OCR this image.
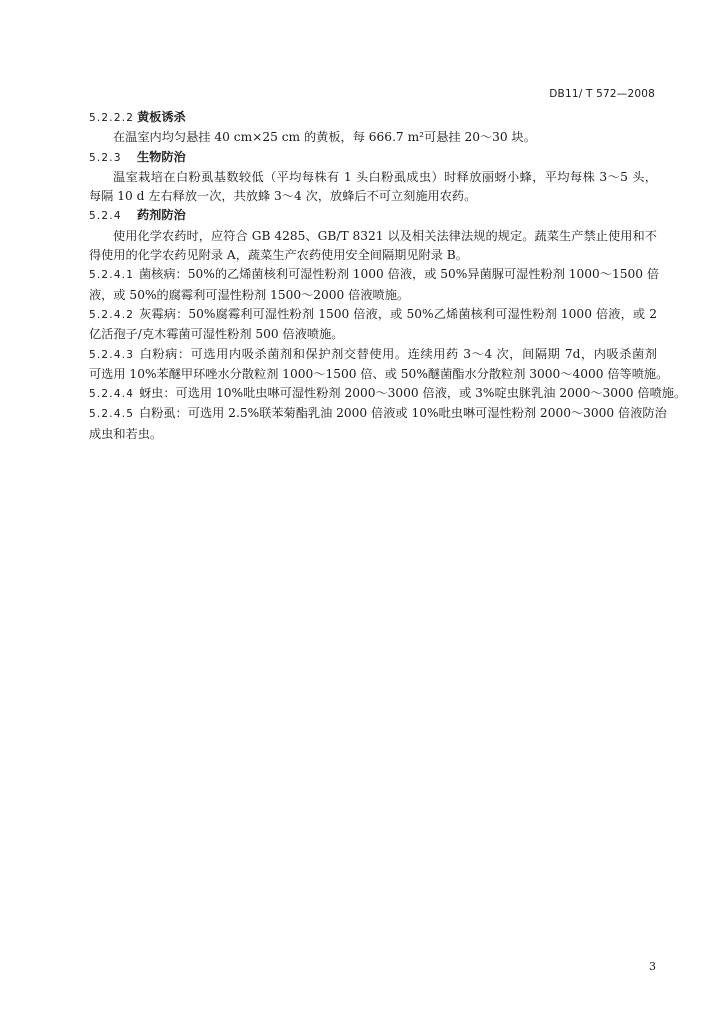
DB11/ T 572—2008
5.2.2.2 黄板诱杀
在温室内均匀悬挂 40 cm×25 cm 的黄板，每 666.7 m²可悬挂 20～30 块。
5.2.3 生物防治
温室栽培在白粉虱基数较低（平均每株有 1 头白粉虱成虫）时释放丽蚜小蜂，平均每株 3～5 头，
每隔 10 d 左右释放一次，共放蜂 3～4 次，放蜂后不可立刻施用农药。
5.2.4 药剂防治
使用化学农药时，应符合 GB 4285、GB/T 8321 以及相关法律法规的规定。蔬菜生产禁止使用和不
得使用的化学农药见附录 A，蔬菜生产农药使用安全间隔期见附录 B。
5.2.4.1 菌核病：50%的乙烯菌核利可湿性粉剂 1000 倍液，或 50%异菌脲可湿性粉剂 1000～1500 倍
液，或 50%的腐霉利可湿性粉剂 1500～2000 倍液喷施。
5.2.4.2 灰霉病：50%腐霉利可湿性粉剂 1500 倍液，或 50%乙烯菌核利可湿性粉剂 1000 倍液，或 2
亿活孢子/克木霉菌可湿性粉剂 500 倍液喷施。
5.2.4.3 白粉病：可选用内吸杀菌剂和保护剂交替使用。连续用药 3～4 次，间隔期 7d，内吸杀菌剂
可选用 10%苯醚甲环唑水分散粒剂 1000～1500 倍、或 50%醚菌酯水分散粒剂 3000～4000 倍等喷施。
5.2.4.4 蚜虫：可选用 10%吡虫啉可湿性粉剂 2000～3000 倍液，或 3%啶虫脒乳油 2000～3000 倍喷施。
5.2.4.5 白粉虱：可选用 2.5%联苯菊酯乳油 2000 倍液或 10%吡虫啉可湿性粉剂 2000～3000 倍液防治
成虫和若虫。
3
